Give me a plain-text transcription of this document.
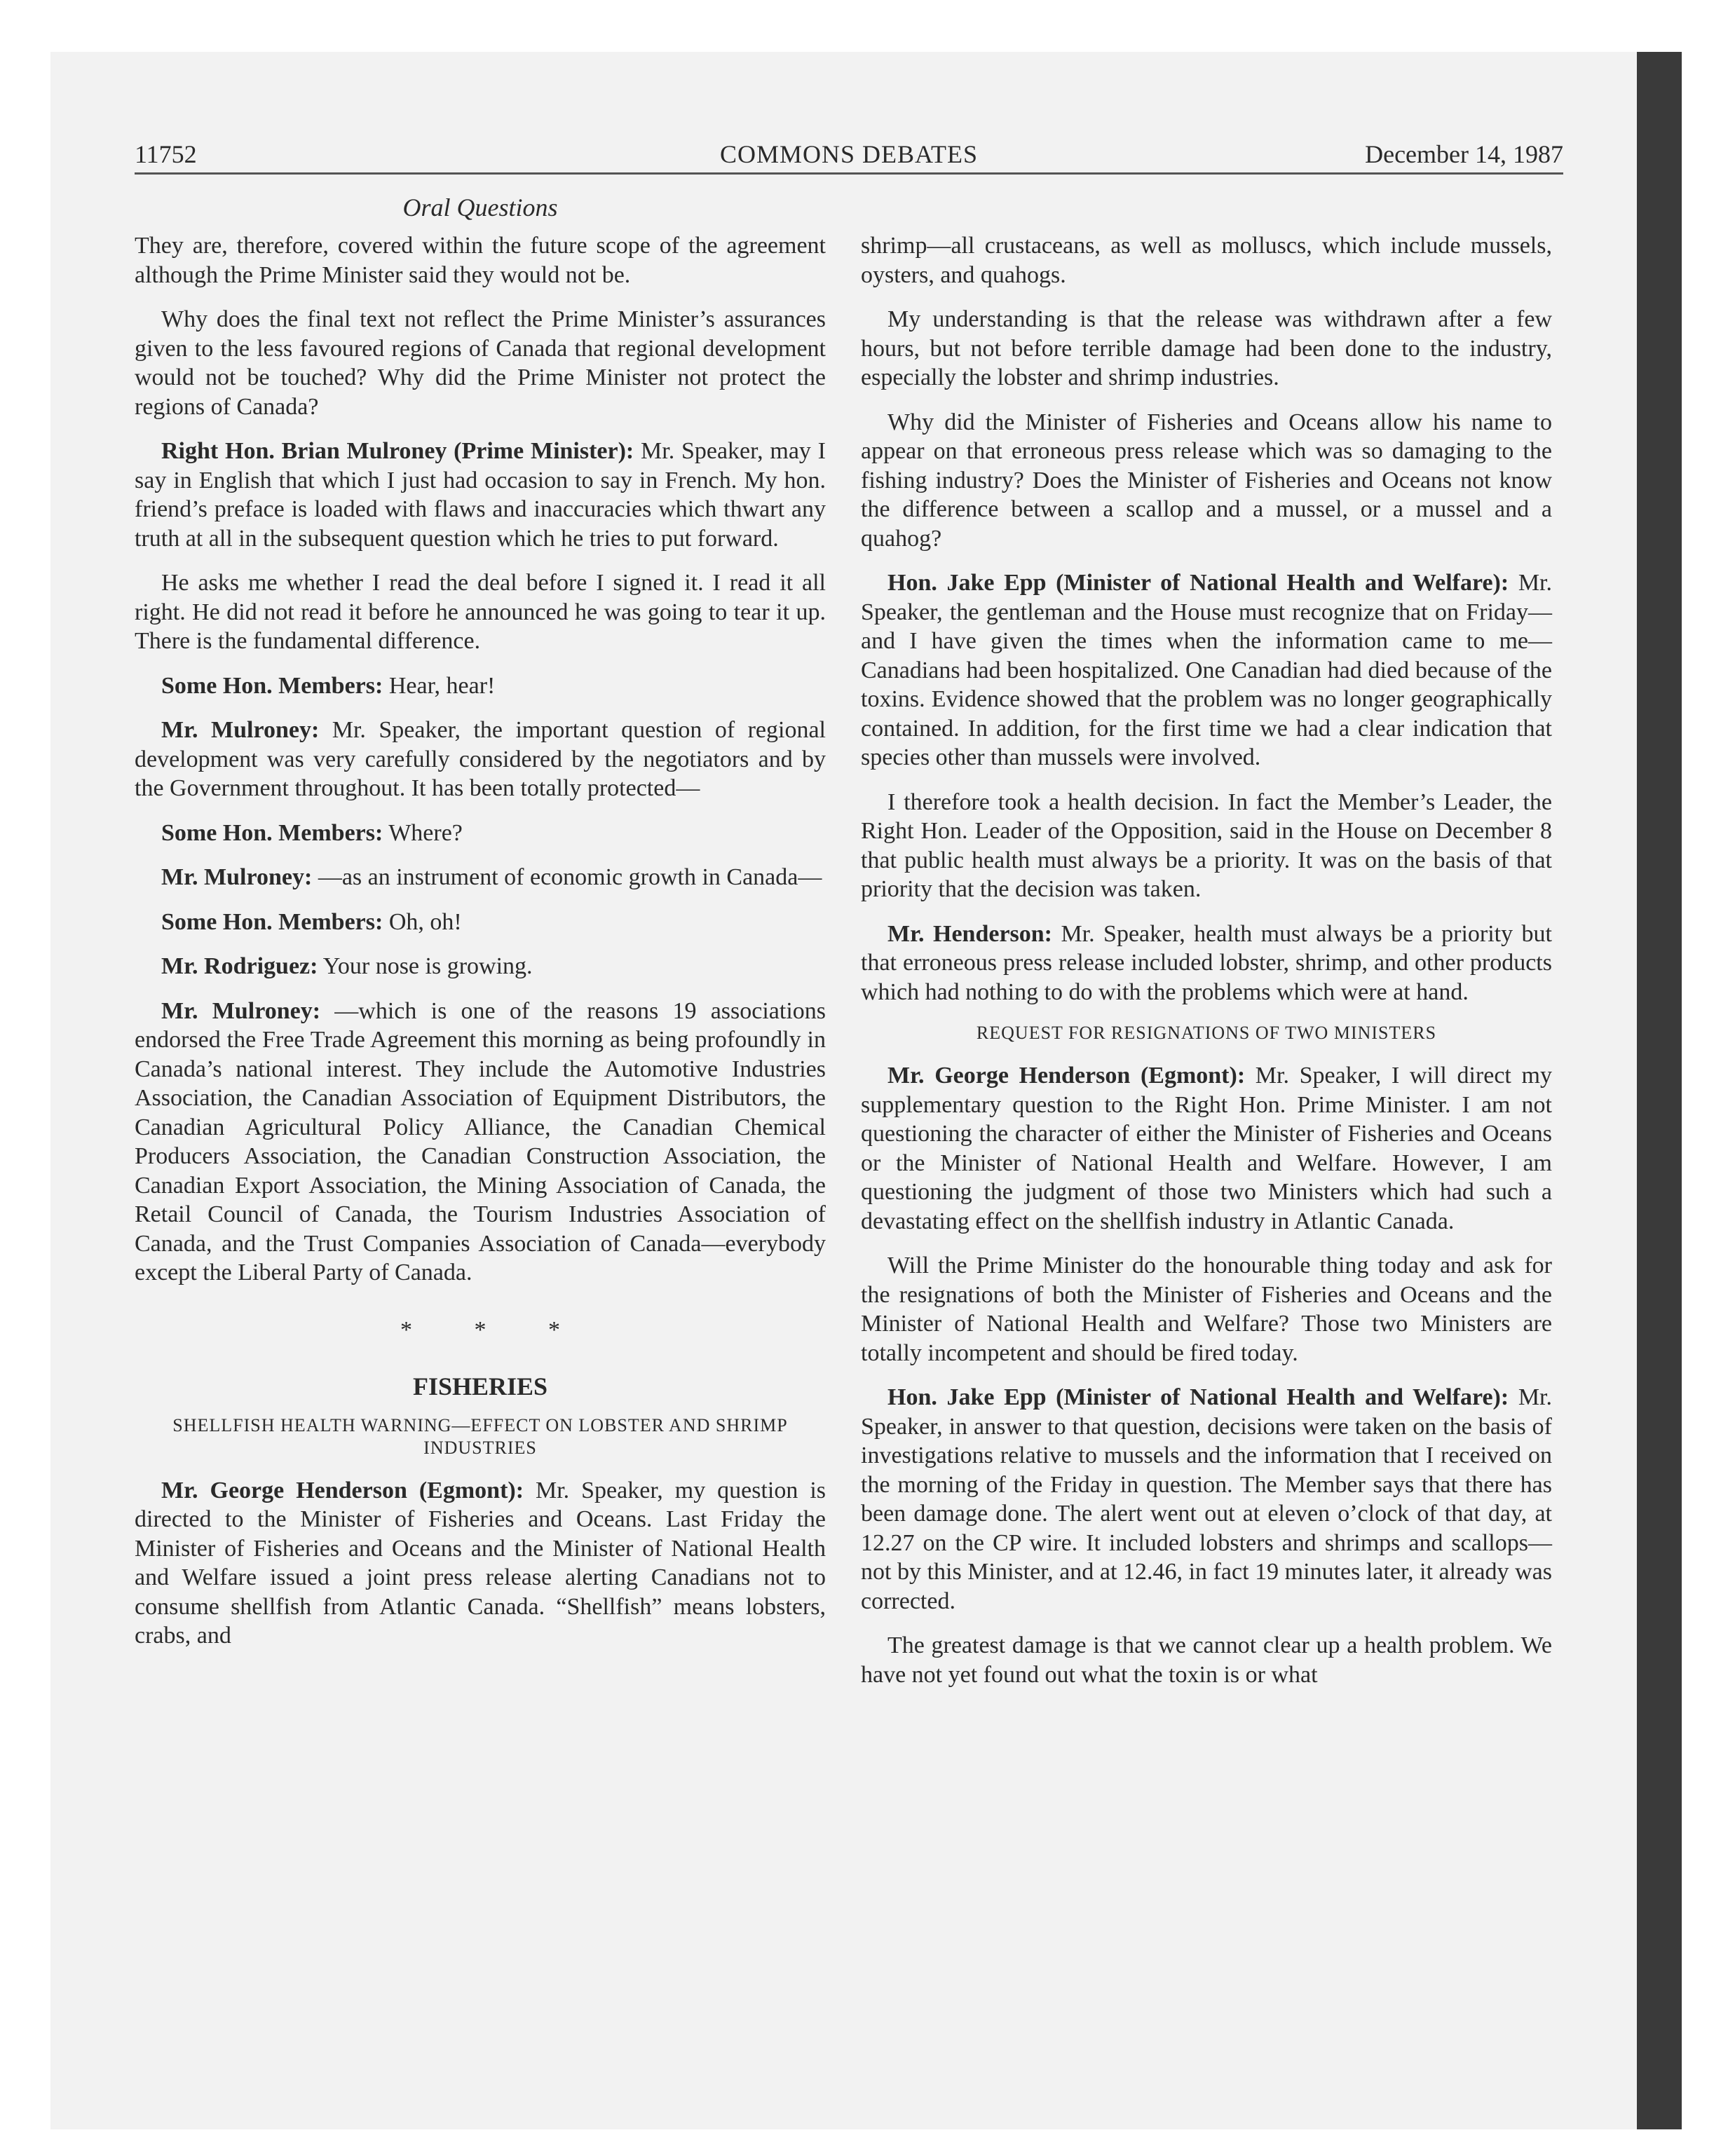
11752	COMMONS DEBATES	December 14, 1987
Oral Questions

They are, therefore, covered within the future scope of the agreement although the Prime Minister said they would not be.

Why does the final text not reflect the Prime Minister’s assurances given to the less favoured regions of Canada that regional development would not be touched? Why did the Prime Minister not protect the regions of Canada?

Right Hon. Brian Mulroney (Prime Minister): Mr. Speaker, may I say in English that which I just had occasion to say in French. My hon. friend’s preface is loaded with flaws and inaccuracies which thwart any truth at all in the subsequent question which he tries to put forward.

He asks me whether I read the deal before I signed it. I read it all right. He did not read it before he announced he was going to tear it up. There is the fundamental difference.

Some Hon. Members: Hear, hear!

Mr. Mulroney: Mr. Speaker, the important question of regional development was very carefully considered by the negotiators and by the Government throughout. It has been totally protected—

Some Hon. Members: Where?

Mr. Mulroney: —as an instrument of economic growth in Canada—

Some Hon. Members: Oh, oh!

Mr. Rodriguez: Your nose is growing.

Mr. Mulroney: —which is one of the reasons 19 associations endorsed the Free Trade Agreement this morning as being profoundly in Canada’s national interest. They include the Automotive Industries Association, the Canadian Association of Equipment Distributors, the Canadian Agricultural Policy Alliance, the Canadian Chemical Producers Association, the Canadian Construction Association, the Canadian Export Association, the Mining Association of Canada, the Retail Council of Canada, the Tourism Industries Association of Canada, and the Trust Companies Association of Canada—everybody except the Liberal Party of Canada.

* * *
FISHERIES
SHELLFISH HEALTH WARNING—EFFECT ON LOBSTER AND SHRIMP INDUSTRIES

Mr. George Henderson (Egmont): Mr. Speaker, my question is directed to the Minister of Fisheries and Oceans. Last Friday the Minister of Fisheries and Oceans and the Minister of National Health and Welfare issued a joint press release alerting Canadians not to consume shellfish from Atlantic Canada. “Shellfish” means lobsters, crabs, and

shrimp—all crustaceans, as well as molluscs, which include mussels, oysters, and quahogs.

My understanding is that the release was withdrawn after a few hours, but not before terrible damage had been done to the industry, especially the lobster and shrimp industries.

Why did the Minister of Fisheries and Oceans allow his name to appear on that erroneous press release which was so damaging to the fishing industry? Does the Minister of Fisheries and Oceans not know the difference between a scallop and a mussel, or a mussel and a quahog?

Hon. Jake Epp (Minister of National Health and Welfare): Mr. Speaker, the gentleman and the House must recognize that on Friday—and I have given the times when the information came to me—Canadians had been hospitalized. One Canadian had died because of the toxins. Evidence showed that the problem was no longer geographically contained. In addition, for the first time we had a clear indication that species other than mussels were involved.

I therefore took a health decision. In fact the Member’s Leader, the Right Hon. Leader of the Opposition, said in the House on December 8 that public health must always be a priority. It was on the basis of that priority that the decision was taken.

Mr. Henderson: Mr. Speaker, health must always be a priority but that erroneous press release included lobster, shrimp, and other products which had nothing to do with the problems which were at hand.

REQUEST FOR RESIGNATIONS OF TWO MINISTERS

Mr. George Henderson (Egmont): Mr. Speaker, I will direct my supplementary question to the Right Hon. Prime Minister. I am not questioning the character of either the Minister of Fisheries and Oceans or the Minister of National Health and Welfare. However, I am questioning the judgment of those two Ministers which had such a devastating effect on the shellfish industry in Atlantic Canada.

Will the Prime Minister do the honourable thing today and ask for the resignations of both the Minister of Fisheries and Oceans and the Minister of National Health and Welfare? Those two Ministers are totally incompetent and should be fired today.

Hon. Jake Epp (Minister of National Health and Welfare): Mr. Speaker, in answer to that question, decisions were taken on the basis of investigations relative to mussels and the information that I received on the morning of the Friday in question. The Member says that there has been damage done. The alert went out at eleven o’clock of that day, at 12.27 on the CP wire. It included lobsters and shrimps and scallops—not by this Minister, and at 12.46, in fact 19 minutes later, it already was corrected.

The greatest damage is that we cannot clear up a health problem. We have not yet found out what the toxin is or what
